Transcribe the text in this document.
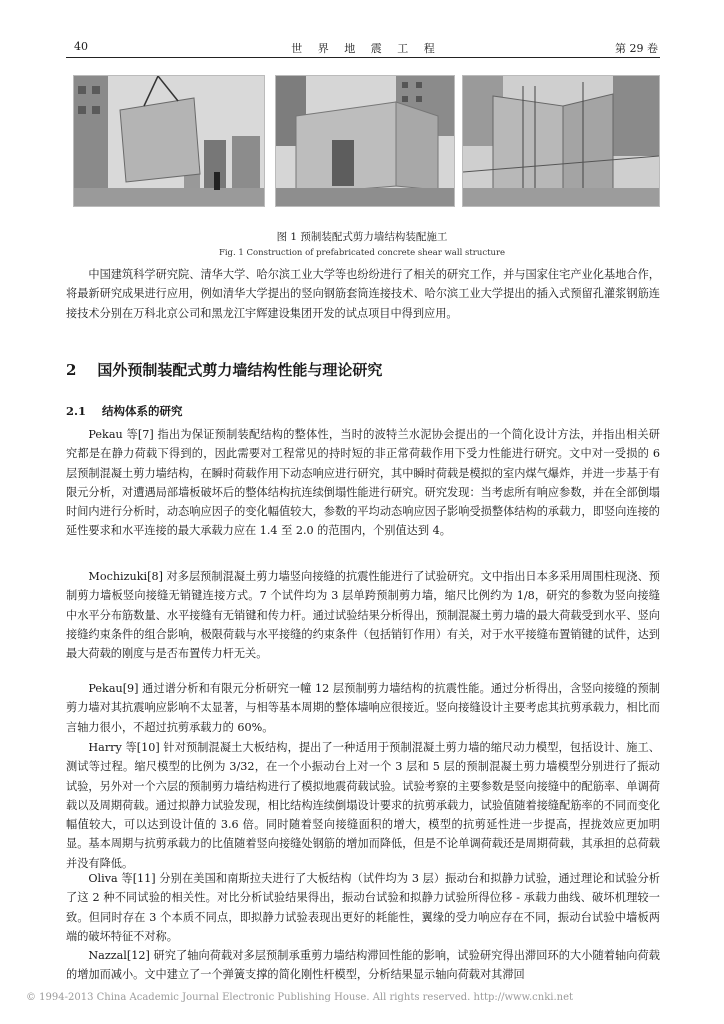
40	世 界 地 震 工 程	第 29 卷
图 1 预制装配式剪力墙结构装配施工
Fig. 1 Construction of prefabricated concrete shear wall structure

中国建筑科学研究院、清华大学、哈尔滨工业大学等也纷纷进行了相关的研究工作，并与国家住宅产业化基地合作，将最新研究成果进行应用，例如清华大学提出的竖向钢筋套筒连接技术、哈尔滨工业大学提出的插入式预留孔灌浆钢筋连接技术分别在万科北京公司和黑龙江宇辉建设集团开发的试点项目中得到应用。

2 国外预制装配式剪力墙结构性能与理论研究
2.1 结构体系的研究

Pekau 等[7] 指出为保证预制装配结构的整体性，当时的波特兰水泥协会提出的一个简化设计方法，并指出相关研究都是在静力荷载下得到的，因此需要对工程常见的持时短的非正常荷载作用下受力性能进行研究。文中对一受损的 6 层预制混凝土剪力墙结构，在瞬时荷载作用下动态响应进行研究，其中瞬时荷载是模拟的室内煤气爆炸，并进一步基于有限元分析，对遭遇局部墙板破坏后的整体结构抗连续倒塌性能进行研究。研究发现：当考虑所有响应参数，并在全部倒塌时间内进行分析时，动态响应因子的变化幅值较大，参数的平均动态响应因子影响受损整体结构的承载力，即竖向连接的延性要求和水平连接的最大承载力应在 1.4 至 2.0 的范围内，个别值达到 4。

Mochizuki[8] 对多层预制混凝土剪力墙竖向接缝的抗震性能进行了试验研究。文中指出日本多采用周围柱现浇、预制剪力墙板竖向接缝无销键连接方式。7 个试件均为 3 层单跨预制剪力墙，缩尺比例约为 1/8，研究的参数为竖向接缝中水平分布筋数量、水平接缝有无销键和传力杆。通过试验结果分析得出，预制混凝土剪力墙的最大荷载受到水平、竖向接缝约束条件的组合影响，极限荷载与水平接缝的约束条件（包括销钉作用）有关，对于水平接缝布置销键的试件，达到最大荷载的刚度与是否布置传力杆无关。

Pekau[9] 通过谱分析和有限元分析研究一幢 12 层预制剪力墙结构的抗震性能。通过分析得出，含竖向接缝的预制剪力墙对其抗震响应影响不太显著，与相等基本周期的整体墙响应很接近。竖向接缝设计主要考虑其抗剪承载力，相比而言轴力很小，不超过抗剪承载力的 60%。

Harry 等[10] 针对预制混凝土大板结构，提出了一种适用于预制混凝土剪力墙的缩尺动力模型，包括设计、施工、测试等过程。缩尺模型的比例为 3/32，在一个小振动台上对一个 3 层和 5 层的预制混凝土剪力墙模型分别进行了振动试验，另外对一个六层的预制剪力墙结构进行了模拟地震荷载试验。试验考察的主要参数是竖向接缝中的配筋率、单调荷载以及周期荷载。通过拟静力试验发现，相比结构连续倒塌设计要求的抗剪承载力，试验值随着接缝配筋率的不同而变化幅值较大，可以达到设计值的 3.6 倍。同时随着竖向接缝面积的增大，模型的抗剪延性进一步提高，捏拢效应更加明显。基本周期与抗剪承载力的比值随着竖向接缝处钢筋的增加而降低，但是不论单调荷载还是周期荷载，其承担的总荷载并没有降低。

Oliva 等[11] 分别在美国和南斯拉夫进行了大板结构（试件均为 3 层）振动台和拟静力试验，通过理论和试验分析了这 2 种不同试验的相关性。对比分析试验结果得出，振动台试验和拟静力试验所得位移 - 承载力曲线、破坏机理较一致。但同时存在 3 个本质不同点，即拟静力试验表现出更好的耗能性，翼缘的受力响应存在不同，振动台试验中墙板两端的破坏特征不对称。

Nazzal[12] 研究了轴向荷载对多层预制承重剪力墙结构滞回性能的影响，试验研究得出滞回环的大小随着轴向荷载的增加而减小。文中建立了一个弹簧支撑的简化刚性杆模型，分析结果显示轴向荷载对其滞回

© 1994-2013 China Academic Journal Electronic Publishing House. All rights reserved. http://www.cnki.net
